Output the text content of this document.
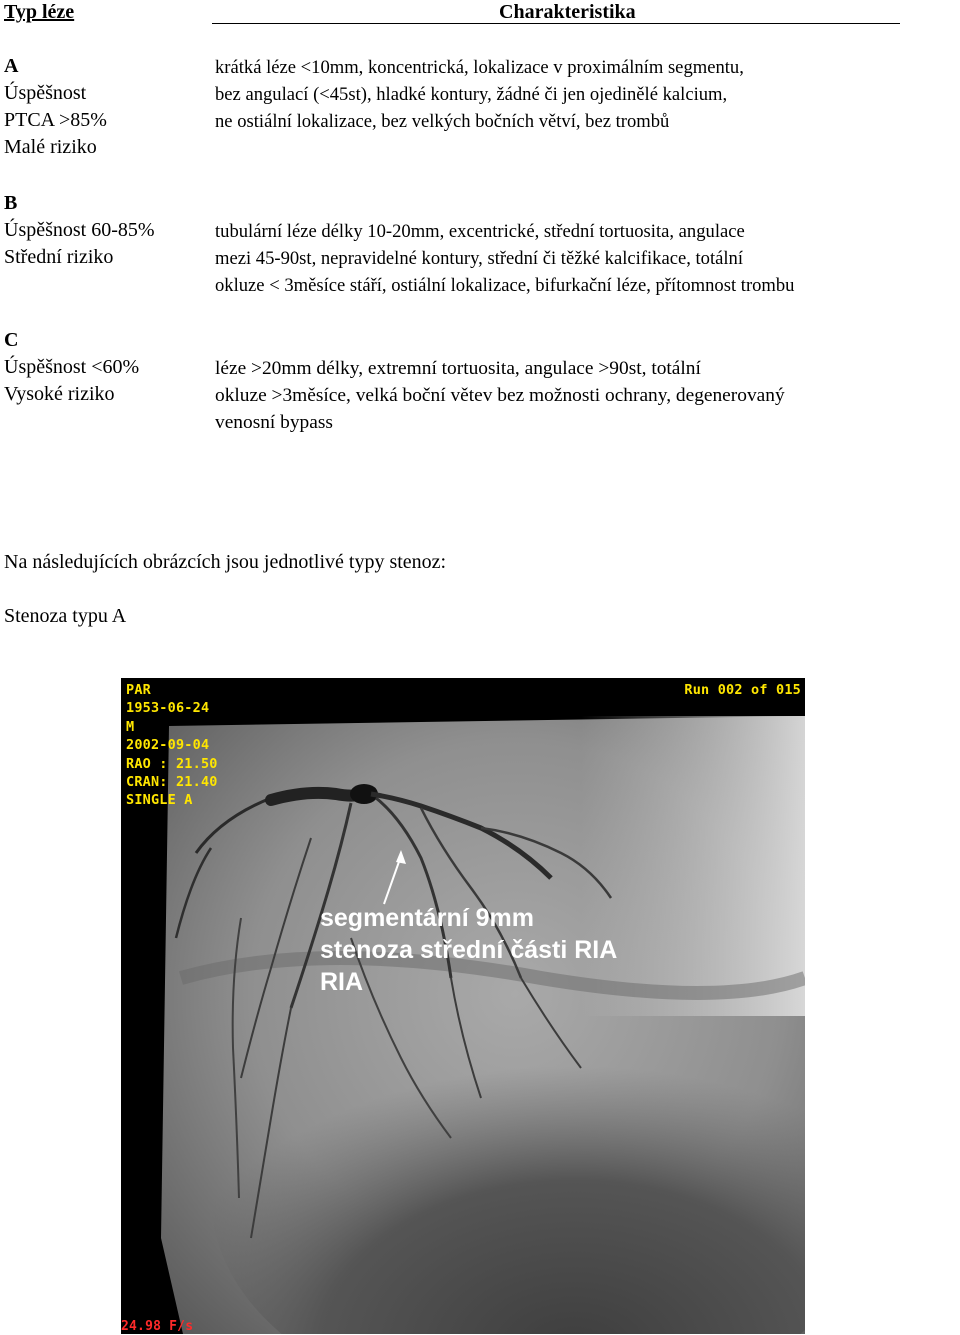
Typ léze	Charakteristika
A
Úspěšnost
PTCA >85%
Malé riziko
krátká léze <10mm, koncentrická, lokalizace v proximálním segmentu,
bez angulací (<45st), hladké kontury, žádné či jen ojedinělé kalcium,
ne ostiální lokalizace, bez velkých bočních větví, bez trombů
B
Úspěšnost 60-85%
Střední riziko
tubulární léze délky 10-20mm, excentrické, střední tortuosita, angulace
mezi 45-90st, nepravidelné kontury, střední či těžké kalcifikace, totální
okluze < 3měsíce stáří, ostiální lokalizace, bifurkační léze, přítomnost trombu
C
Úspěšnost <60%
Vysoké riziko
léze >20mm délky, extremní tortuosita, angulace >90st, totální
okluze >3měsíce, velká boční větev bez možnosti ochrany, degenerovaný
venosní bypass
Na následujících obrázcích jsou jednotlivé typy stenoz:
Stenoza typu A
PAR
1953-06-24
M
2002-09-04
RAO : 21.50
CRAN: 21.40
SINGLE A
Run 002 of 015
24.98 F/s
segmentární 9mm
stenoza střední části RIA
RIA
